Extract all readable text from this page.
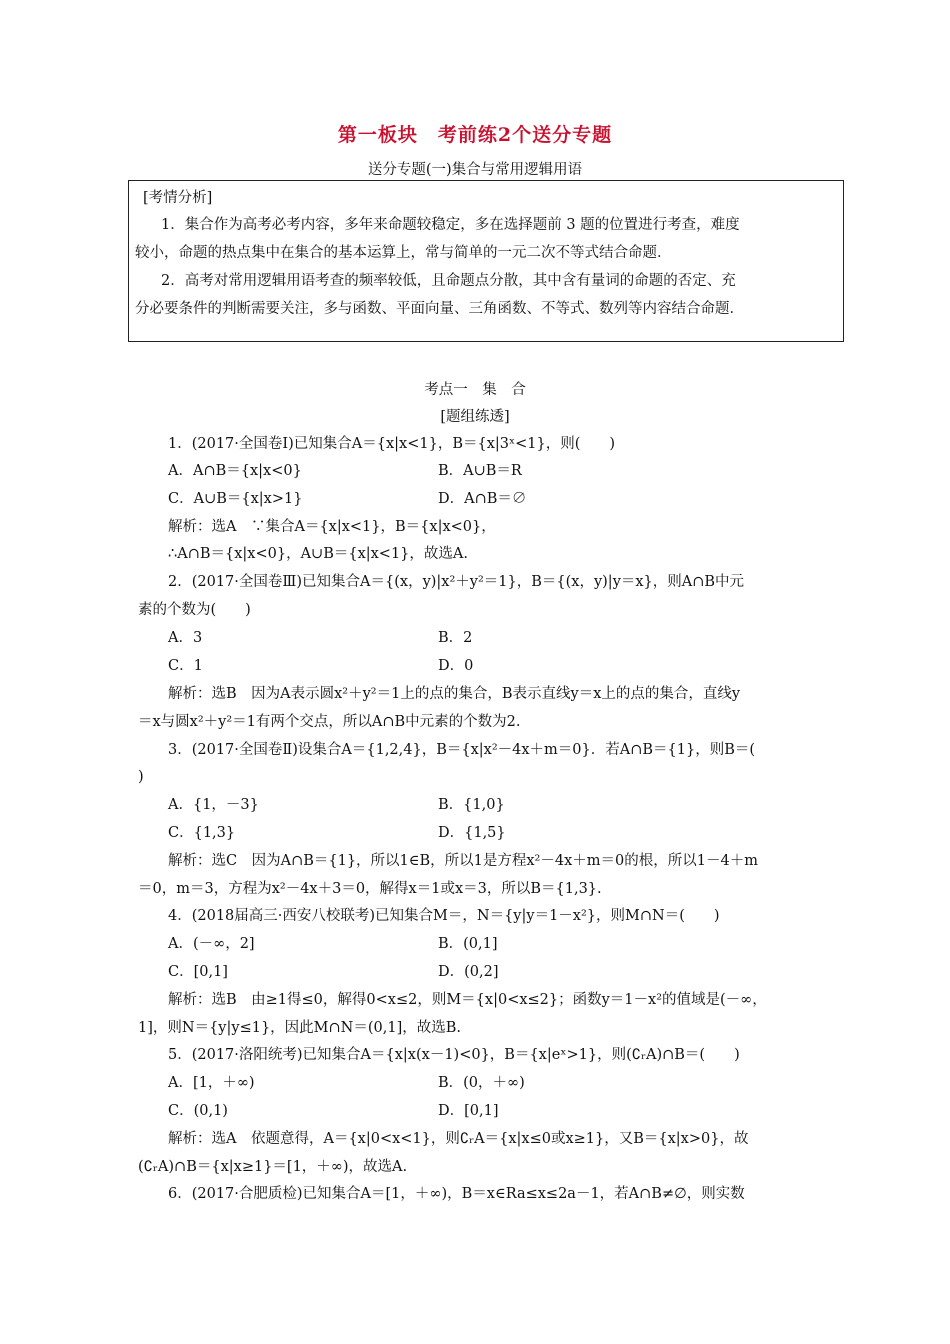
第一板块　考前练2个送分专题
送分专题(一)集合与常用逻辑用语

[考情分析]

1．集合作为高考必考内容，多年来命题较稳定，多在选择题前 3 题的位置进行考查，难度

较小，命题的热点集中在集合的基本运算上，常与简单的一元二次不等式结合命题．

2．高考对常用逻辑用语考查的频率较低，且命题点分散，其中含有量词的命题的否定、充

分必要条件的判断需要关注，多与函数、平面向量、三角函数、不等式、数列等内容结合命题．

考点一　集　合
[题组练透]
1．(2017·全国卷Ⅰ)已知集合A＝{x|x<1}，B＝{x|3ˣ<1}，则(　　)
A．A∩B＝{x|x<0}	B．A∪B＝R
C．A∪B＝{x|x>1}	D．A∩B＝∅
解析：选A　∵集合A＝{x|x<1}，B＝{x|x<0}，
∴A∩B＝{x|x<0}，A∪B＝{x|x<1}，故选A.
2．(2017·全国卷Ⅲ)已知集合A＝{(x，y)|x²＋y²＝1}，B＝{(x，y)|y＝x}，则A∩B中元
素的个数为(　　)
A．3	B．2
C．1	D．0
解析：选B　因为A表示圆x²＋y²＝1上的点的集合，B表示直线y＝x上的点的集合，直线y
＝x与圆x²＋y²＝1有两个交点，所以A∩B中元素的个数为2.
3．(2017·全国卷Ⅱ)设集合A＝{1,2,4}，B＝{x|x²－4x＋m＝0}．若A∩B＝{1}，则B＝(
)
A．{1，－3}	B．{1,0}
C．{1,3}	D．{1,5}
解析：选C　因为A∩B＝{1}，所以1∈B，所以1是方程x²－4x＋m＝0的根，所以1－4＋m
＝0，m＝3，方程为x²－4x＋3＝0，解得x＝1或x＝3，所以B＝{1,3}.
4．(2018届高三·西安八校联考)已知集合M＝，N＝{y|y＝1－x²}，则M∩N＝(　　)
A．(－∞，2]	B．(0,1]
C．[0,1]	D．(0,2]
解析：选B　由≥1得≤0，解得0<x≤2，则M＝{x|0<x≤2}；函数y＝1－x²的值域是(－∞，
1]，则N＝{y|y≤1}，因此M∩N＝(0,1]，故选B.
5．(2017·洛阳统考)已知集合A＝{x|x(x－1)<0}，B＝{x|eˣ>1}，则(∁ᵣA)∩B＝(　　)
A．[1，＋∞)	B．(0，＋∞)
C．(0,1)	D．[0,1]
解析：选A　依题意得，A＝{x|0<x<1}，则∁ᵣA＝{x|x≤0或x≥1}，又B＝{x|x>0}，故
(∁ᵣA)∩B＝{x|x≥1}＝[1，＋∞)，故选A.
6．(2017·合肥质检)已知集合A＝[1，＋∞)，B＝x∈Ra≤x≤2a－1，若A∩B≠∅，则实数
